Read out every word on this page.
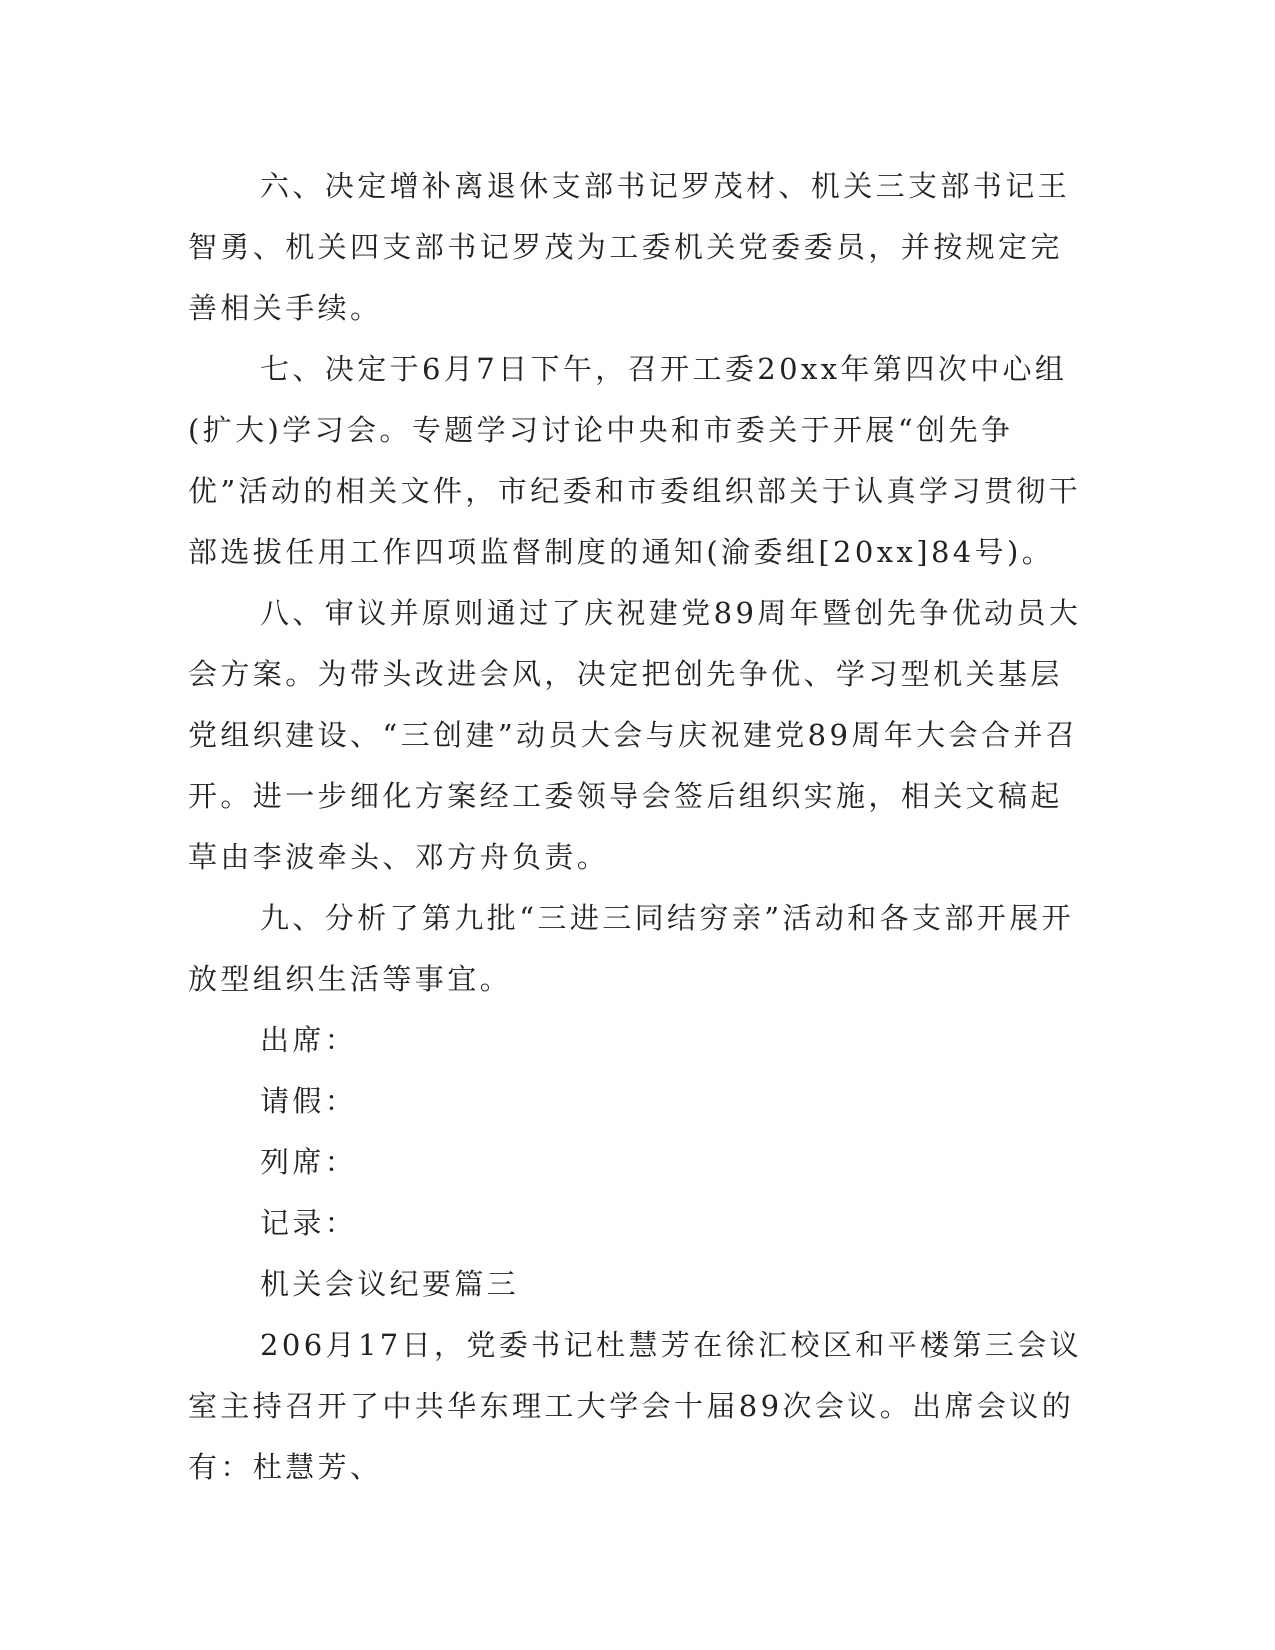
六、决定增补离退休支部书记罗茂材、机关三支部书记王智勇、机关四支部书记罗茂为工委机关党委委员，并按规定完善相关手续。

七、决定于6月7日下午，召开工委20xx年第四次中心组(扩大)学习会。专题学习讨论中央和市委关于开展“创先争优”活动的相关文件，市纪委和市委组织部关于认真学习贯彻干部选拔任用工作四项监督制度的通知(渝委组[20xx]84号)。

八、审议并原则通过了庆祝建党89周年暨创先争优动员大会方案。为带头改进会风，决定把创先争优、学习型机关基层党组织建设、“三创建”动员大会与庆祝建党89周年大会合并召开。进一步细化方案经工委领导会签后组织实施，相关文稿起草由李波牵头、邓方舟负责。

九、分析了第九批“三进三同结穷亲”活动和各支部开展开放型组织生活等事宜。

出席：

请假：

列席：

记录：

机关会议纪要篇三

206月17日，党委书记杜慧芳在徐汇校区和平楼第三会议室主持召开了中共华东理工大学会十届89次会议。出席会议的有：杜慧芳、
